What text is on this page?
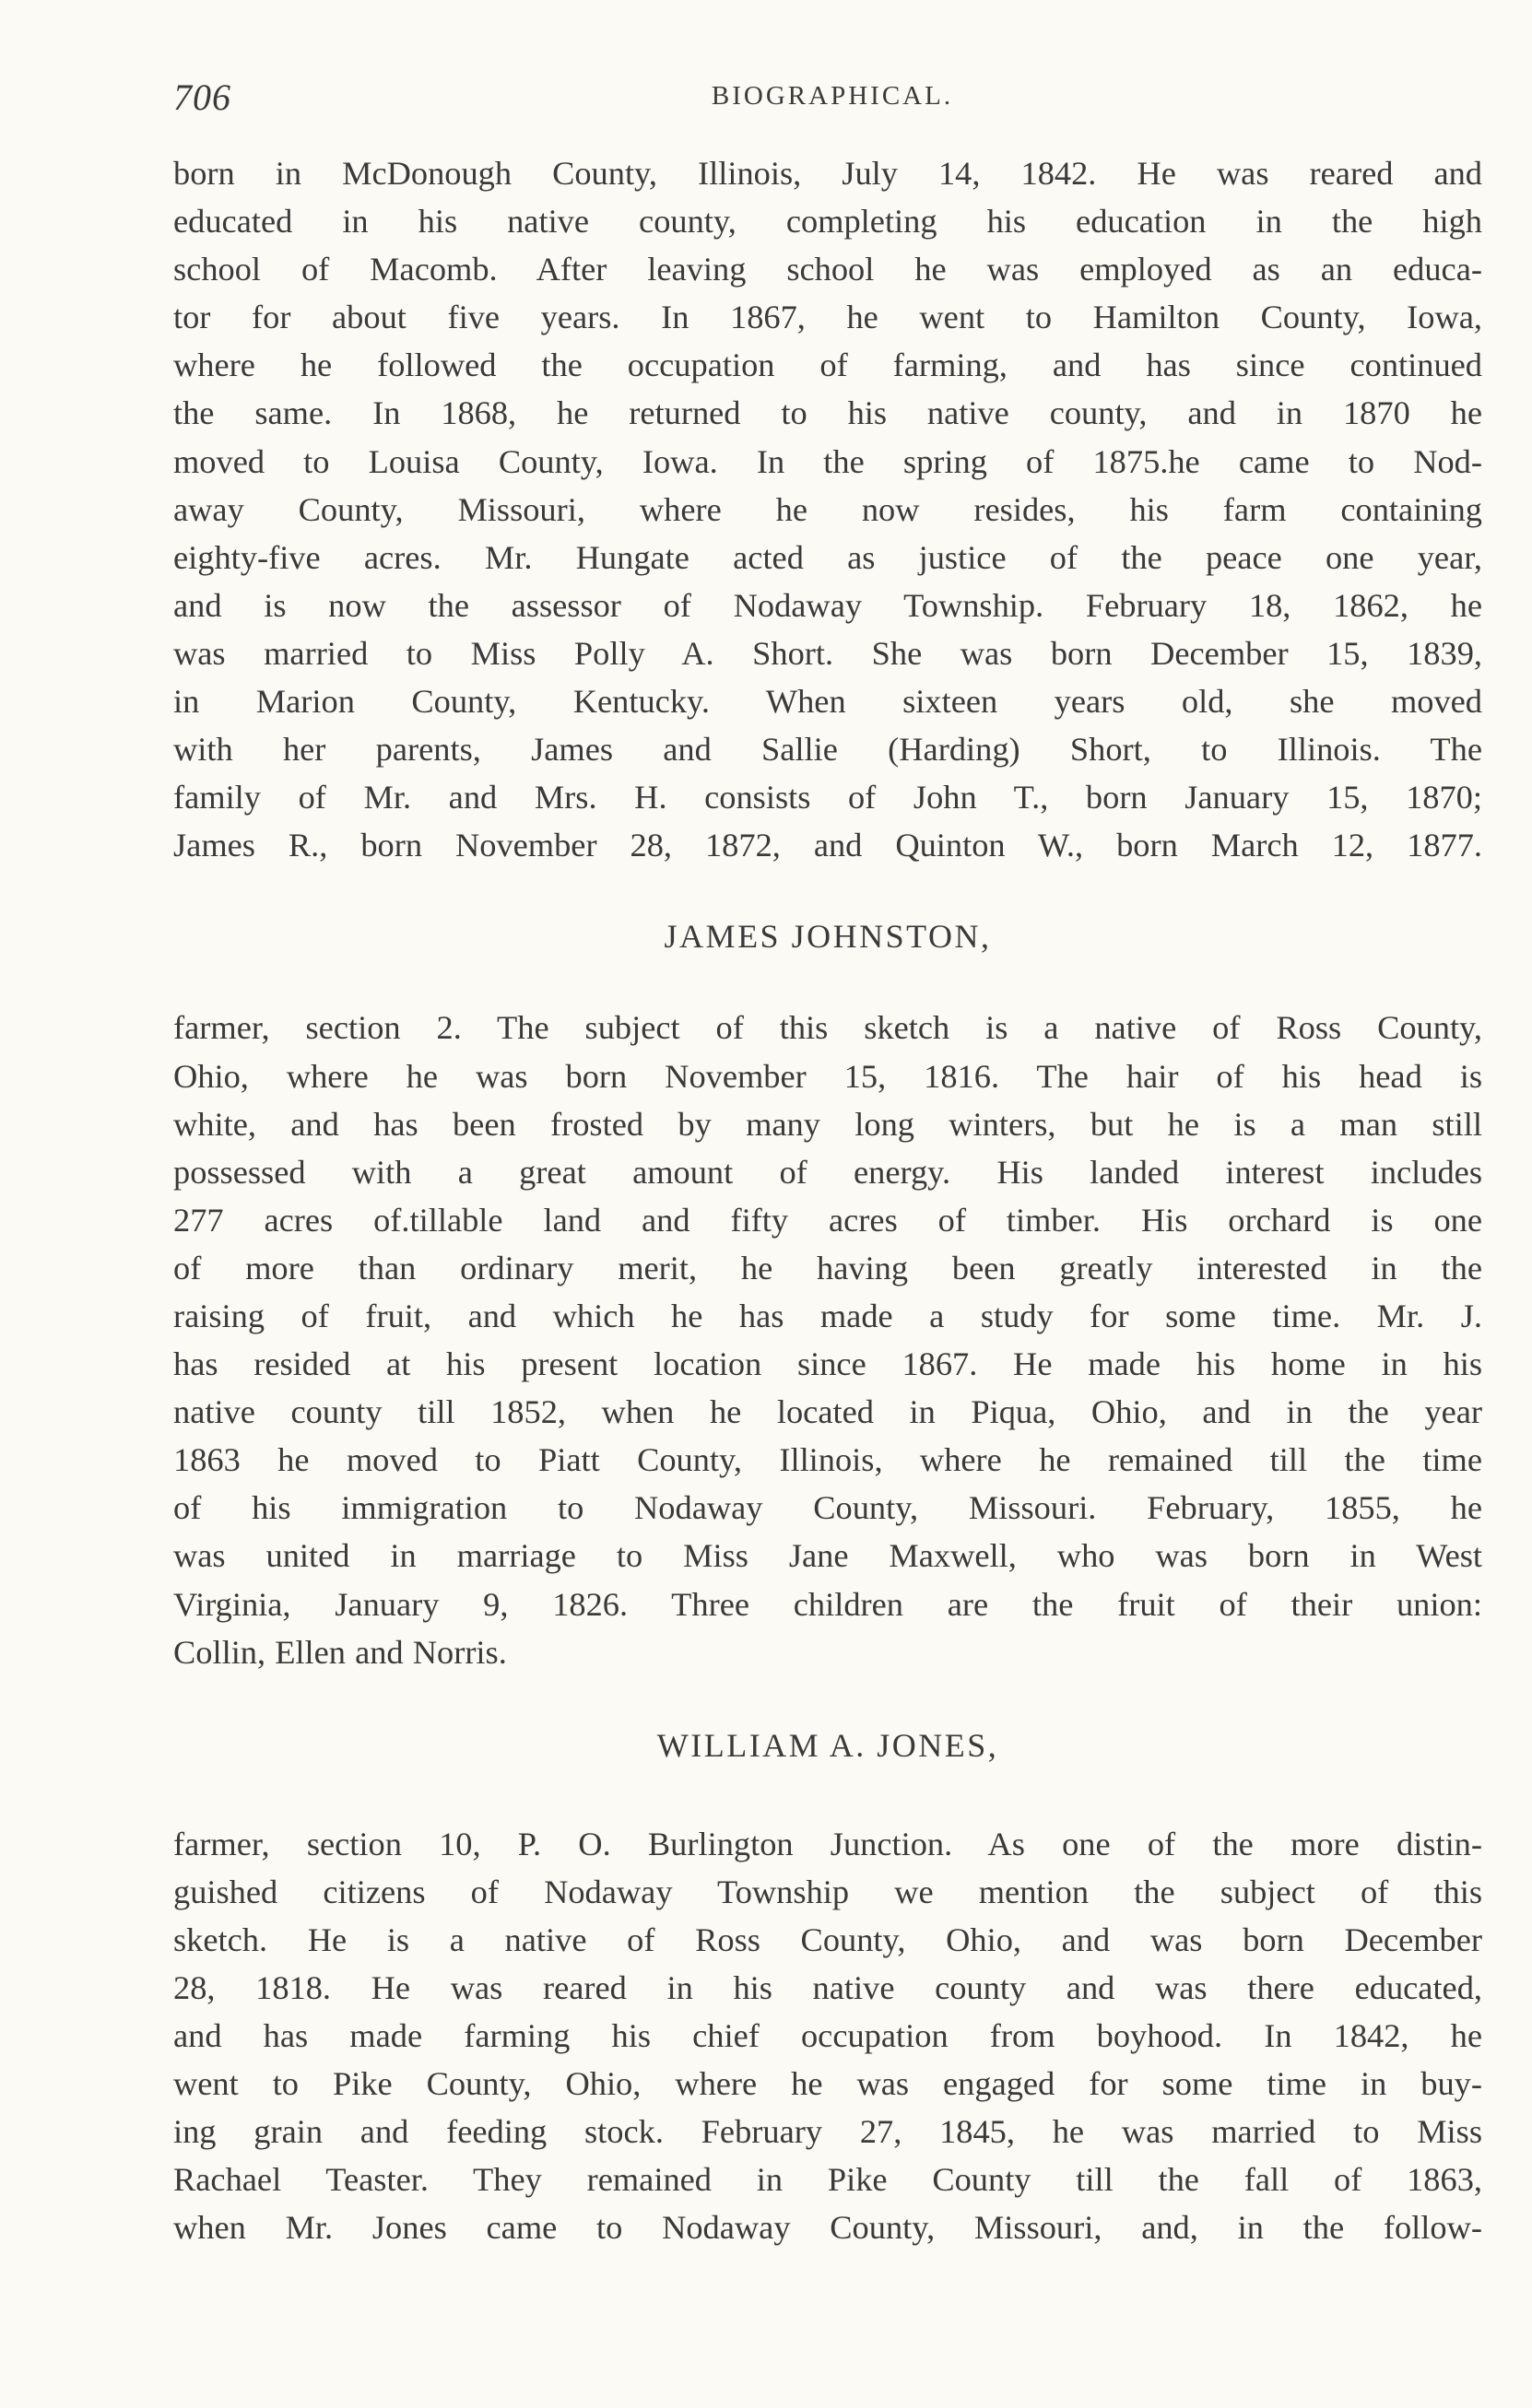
706	BIOGRAPHICAL.

born in McDonough County, Illinois, July 14, 1842. He was reared and
educated in his native county, completing his education in the high
school of Macomb. After leaving school he was employed as an educa-
tor for about five years. In 1867, he went to Hamilton County, Iowa,
where he followed the occupation of farming, and has since continued
the same. In 1868, he returned to his native county, and in 1870 he
moved to Louisa County, Iowa. In the spring of 1875.he came to Nod-
away County, Missouri, where he now resides, his farm containing
eighty-five acres. Mr. Hungate acted as justice of the peace one year,
and is now the assessor of Nodaway Township. February 18, 1862, he
was married to Miss Polly A. Short. She was born December 15, 1839,
in Marion County, Kentucky. When sixteen years old, she moved
with her parents, James and Sallie (Harding) Short, to Illinois. The
family of Mr. and Mrs. H. consists of John T., born January 15, 1870;
James R., born November 28, 1872, and Quinton W., born March 12, 1877.

JAMES JOHNSTON,

farmer, section 2. The subject of this sketch is a native of Ross County,
Ohio, where he was born November 15, 1816. The hair of his head is
white, and has been frosted by many long winters, but he is a man still
possessed with a great amount of energy. His landed interest includes
277 acres of.tillable land and fifty acres of timber. His orchard is one
of more than ordinary merit, he having been greatly interested in the
raising of fruit, and which he has made a study for some time. Mr. J.
has resided at his present location since 1867. He made his home in his
native county till 1852, when he located in Piqua, Ohio, and in the year
1863 he moved to Piatt County, Illinois, where he remained till the time
of his immigration to Nodaway County, Missouri. February, 1855, he
was united in marriage to Miss Jane Maxwell, who was born in West
Virginia, January 9, 1826. Three children are the fruit of their union:
Collin, Ellen and Norris.

WILLIAM A. JONES,

farmer, section 10, P. O. Burlington Junction. As one of the more distin-
guished citizens of Nodaway Township we mention the subject of this
sketch. He is a native of Ross County, Ohio, and was born December
28, 1818. He was reared in his native county and was there educated,
and has made farming his chief occupation from boyhood. In 1842, he
went to Pike County, Ohio, where he was engaged for some time in buy-
ing grain and feeding stock. February 27, 1845, he was married to Miss
Rachael Teaster. They remained in Pike County till the fall of 1863,
when Mr. Jones came to Nodaway County, Missouri, and, in the follow-
